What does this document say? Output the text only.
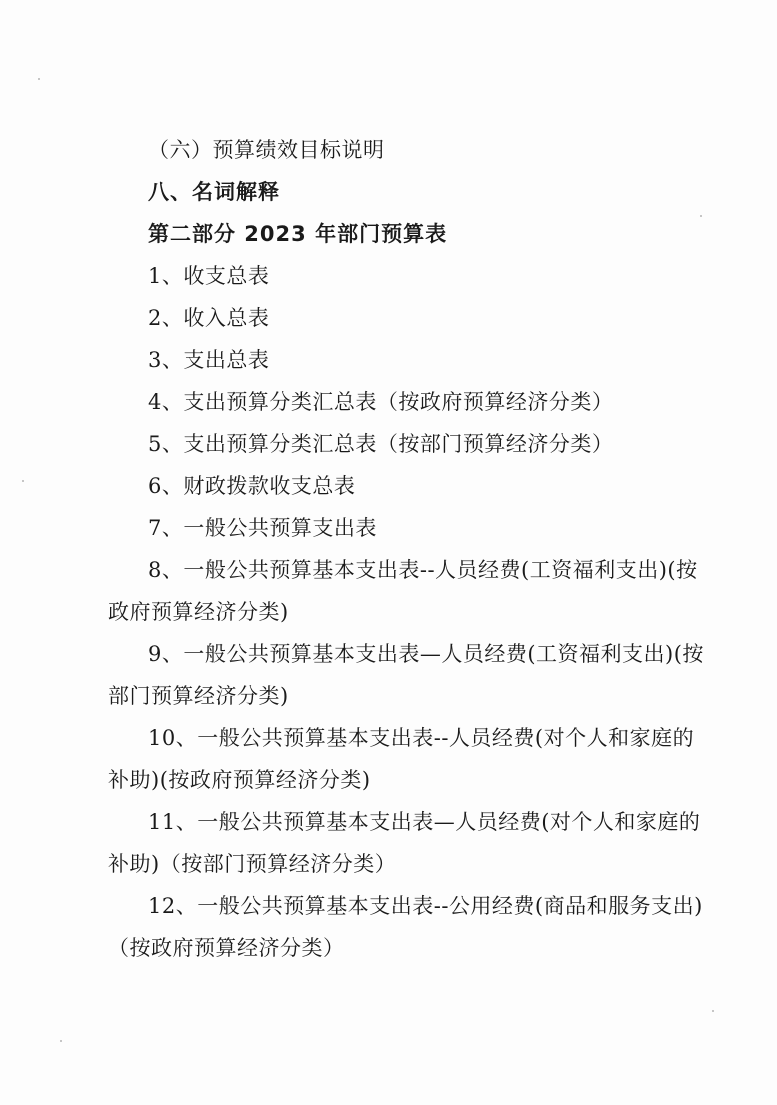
（六）预算绩效目标说明
八、名词解释
第二部分 2023 年部门预算表
1、收支总表
2、收入总表
3、支出总表
4、支出预算分类汇总表（按政府预算经济分类）
5、支出预算分类汇总表（按部门预算经济分类）
6、财政拨款收支总表
7、一般公共预算支出表
8、一般公共预算基本支出表--人员经费(工资福利支出)(按
政府预算经济分类)
9、一般公共预算基本支出表—人员经费(工资福利支出)(按
部门预算经济分类)
10、一般公共预算基本支出表--人员经费(对个人和家庭的
补助)(按政府预算经济分类)
11、一般公共预算基本支出表—人员经费(对个人和家庭的
补助)（按部门预算经济分类）
12、一般公共预算基本支出表--公用经费(商品和服务支出)
（按政府预算经济分类）
